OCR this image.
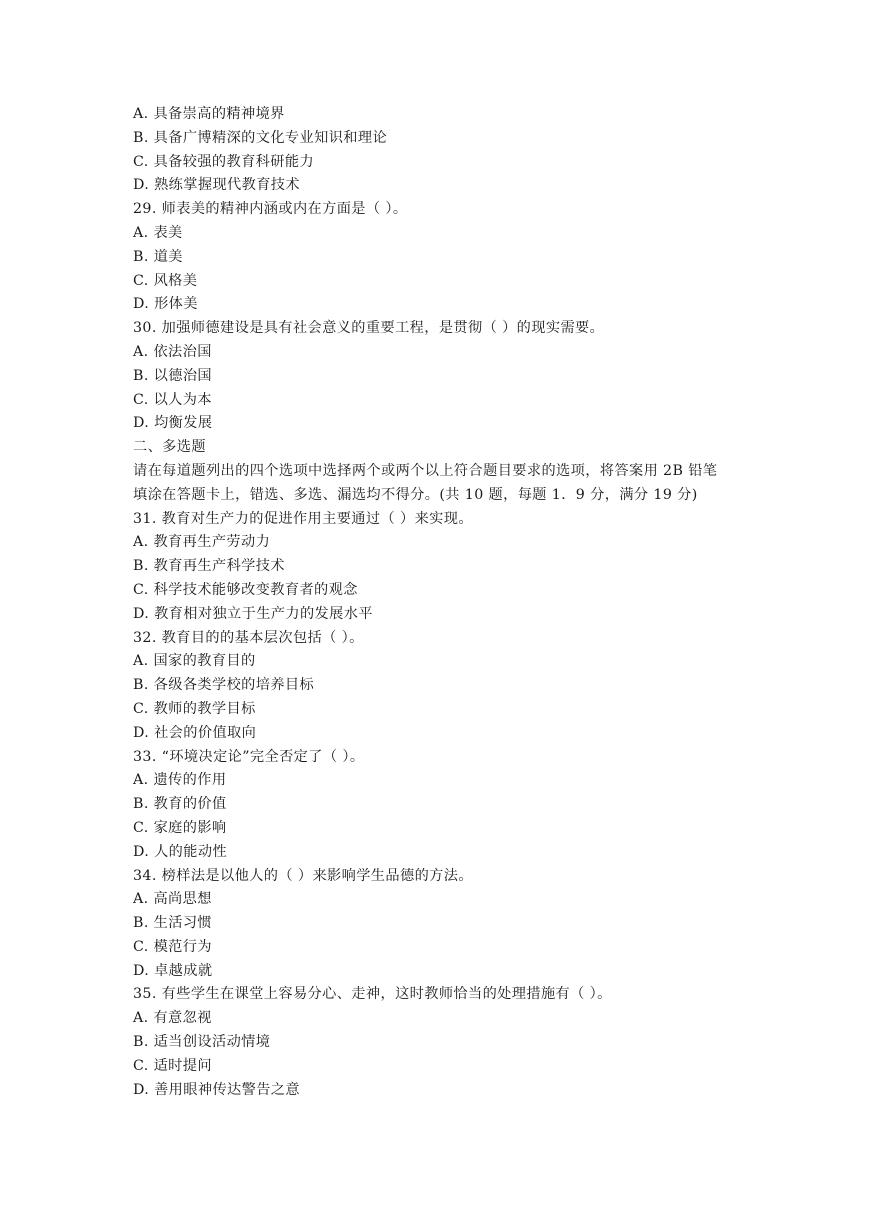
A. 具备崇高的精神境界
B. 具备广博精深的文化专业知识和理论
C. 具备较强的教育科研能力
D. 熟练掌握现代教育技术
29. 师表美的精神内涵或内在方面是（ ）。
A. 表美
B. 道美
C. 风格美
D. 形体美
30. 加强师德建设是具有社会意义的重要工程，是贯彻（ ）的现实需要。
A. 依法治国
B. 以德治国
C. 以人为本
D. 均衡发展
二、多选题
请在每道题列出的四个选项中选择两个或两个以上符合题目要求的选项，将答案用 2B 铅笔
填涂在答题卡上，错选、多选、漏选均不得分。(共 10 题，每题 1．9 分，满分 19 分)
31. 教育对生产力的促进作用主要通过（ ）来实现。
A. 教育再生产劳动力
B. 教育再生产科学技术
C. 科学技术能够改变教育者的观念
D. 教育相对独立于生产力的发展水平
32. 教育目的的基本层次包括（ ）。
A. 国家的教育目的
B. 各级各类学校的培养目标
C. 教师的教学目标
D. 社会的价值取向
33. “环境决定论”完全否定了（ ）。
A. 遗传的作用
B. 教育的价值
C. 家庭的影响
D. 人的能动性
34. 榜样法是以他人的（ ）来影响学生品德的方法。
A. 高尚思想
B. 生活习惯
C. 模范行为
D. 卓越成就
35. 有些学生在课堂上容易分心、走神，这时教师恰当的处理措施有（ ）。
A. 有意忽视
B. 适当创设活动情境
C. 适时提问
D. 善用眼神传达警告之意
